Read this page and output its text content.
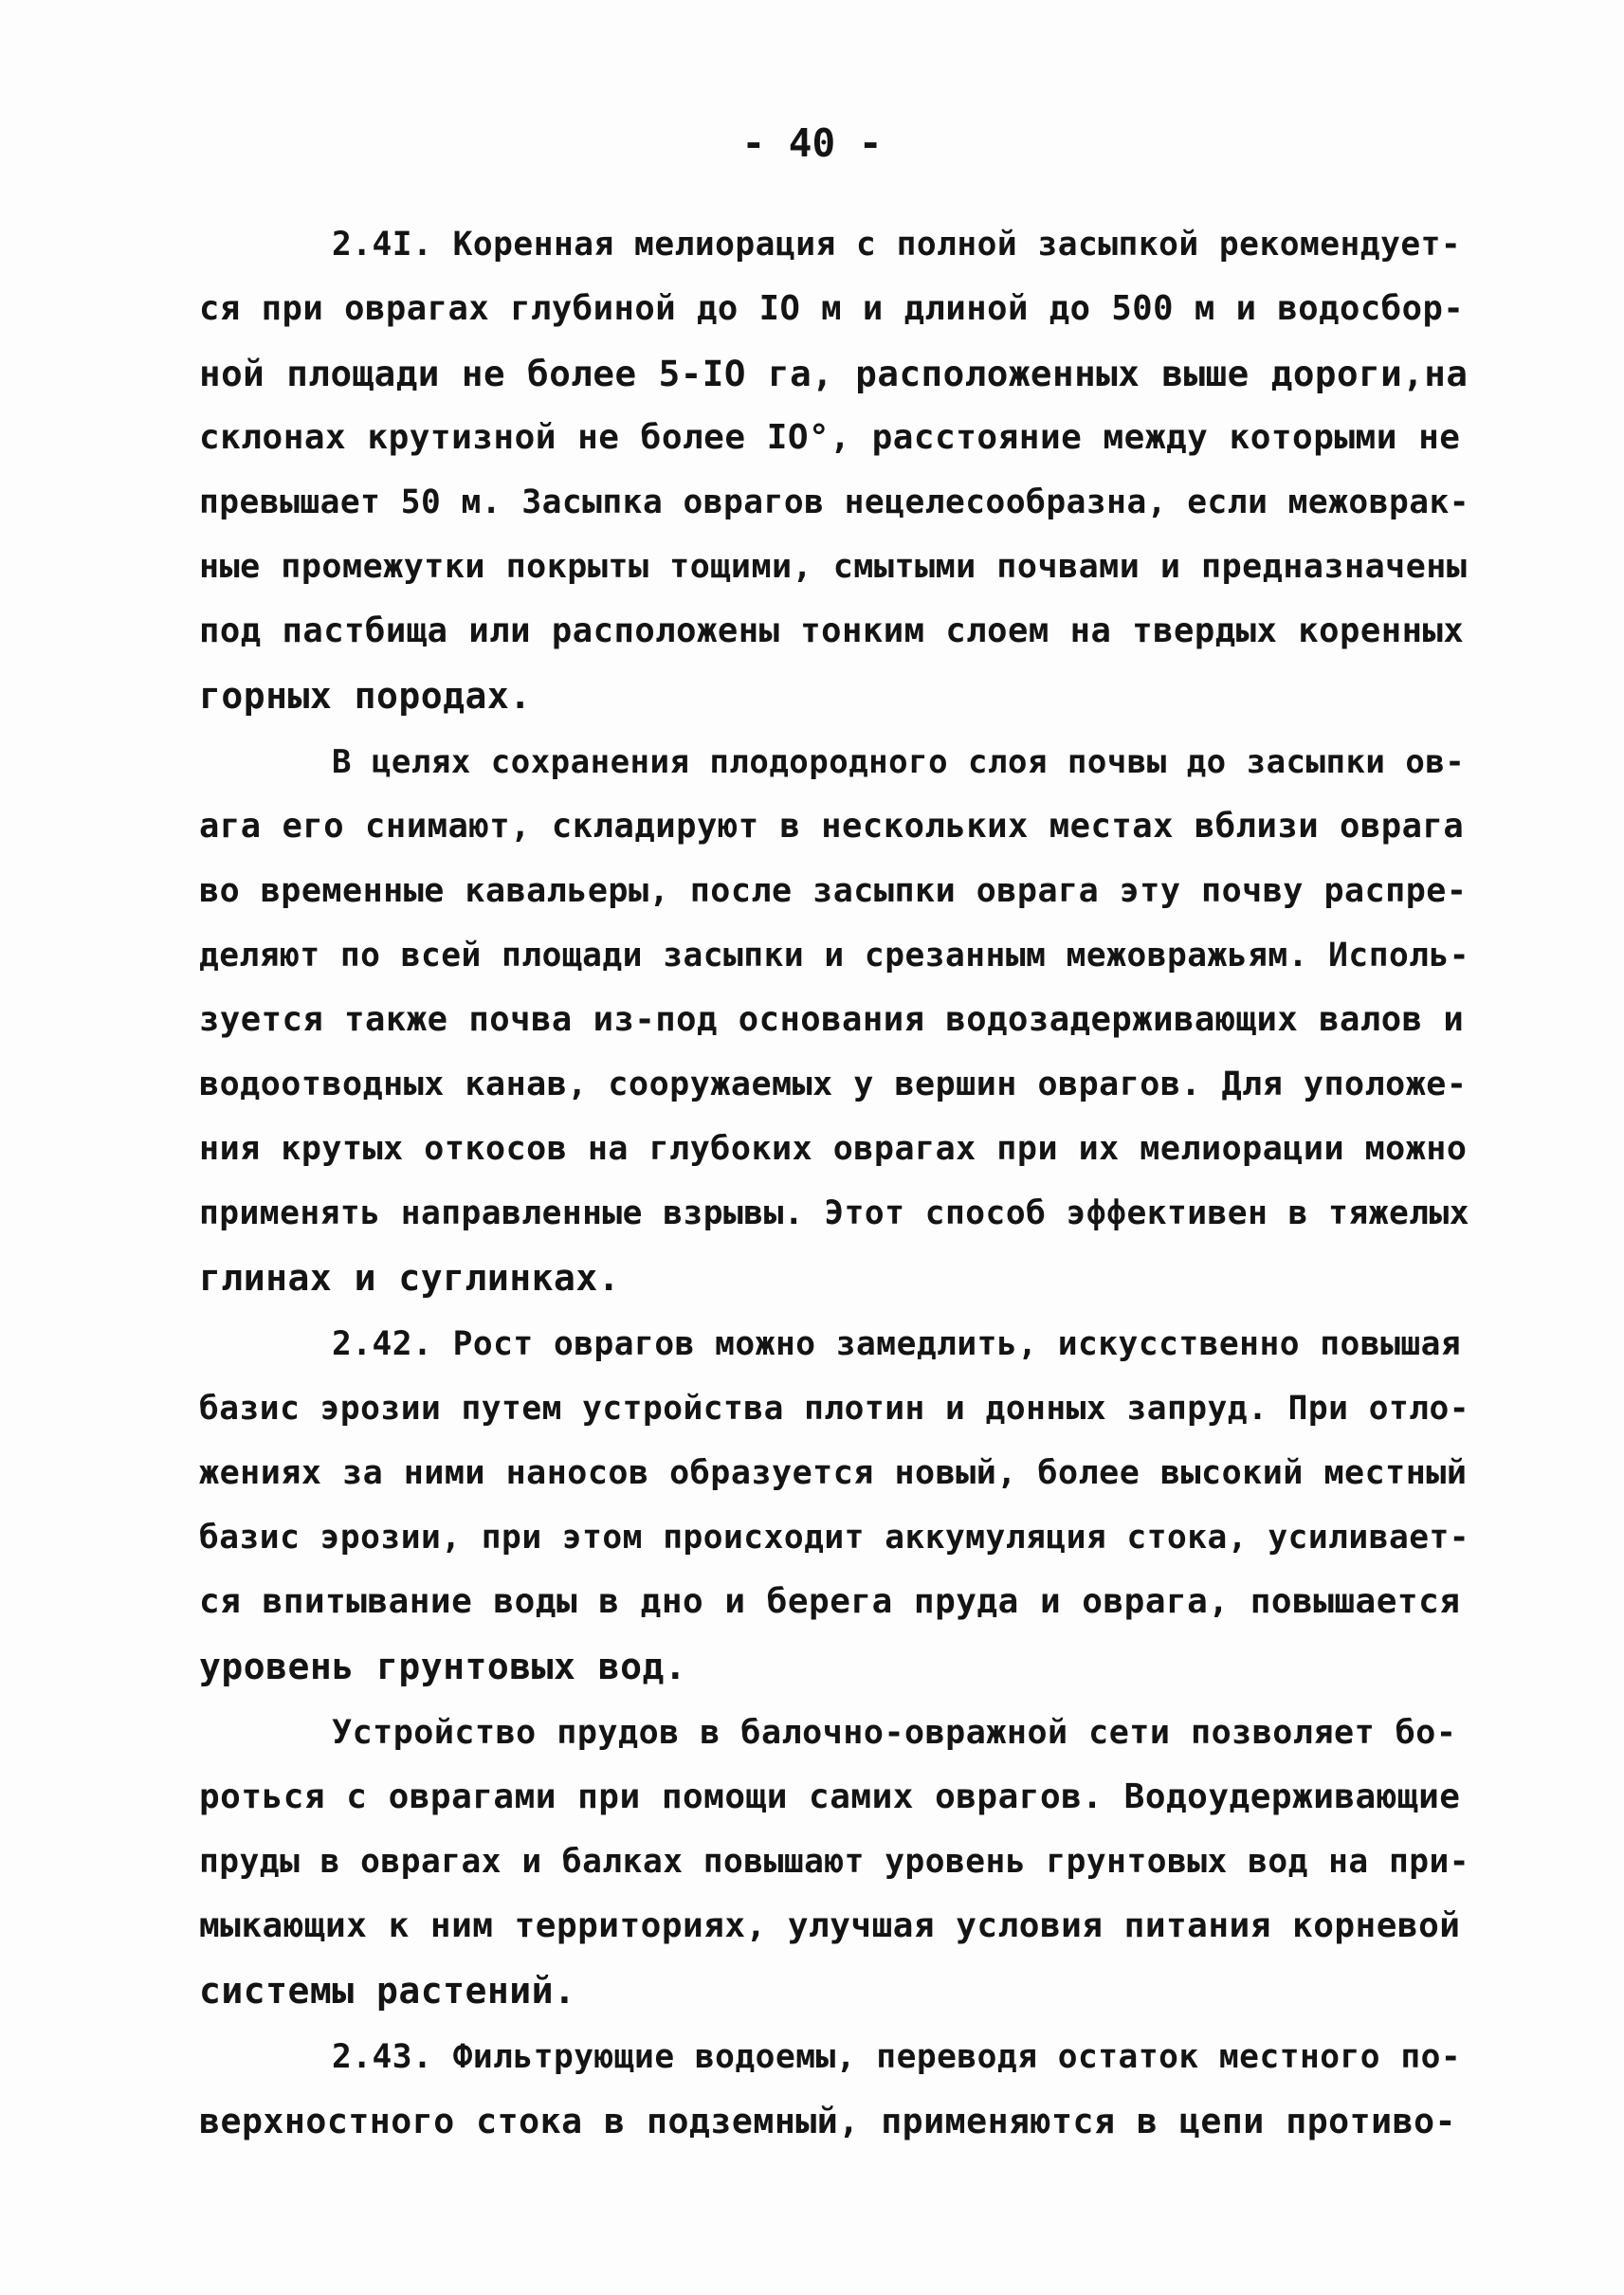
- 40 -
2.4I. Коренная мелиорация с полной засыпкой рекомендует-
ся при оврагах глубиной до IO м и длиной до 500 м и водосбор-
ной площади не более 5-IO га, расположенных выше дороги,на
склонах крутизной не более IO°, расстояние между которыми не
превышает 50 м. Засыпка оврагов нецелесообразна, если межоврак-
ные промежутки покрыты тощими, смытыми почвами и предназначены
под пастбища или расположены тонким слоем на твердых коренных
горных породах.
В целях сохранения плодородного слоя почвы до засыпки ов-
ага его снимают, складируют в нескольких местах вблизи оврага
во временные кавальеры, после засыпки оврага эту почву распре-
деляют по всей площади засыпки и срезанным межовражьям. Исполь-
зуется также почва из-под основания водозадерживающих валов и
водоотводных канав, сооружаемых у вершин оврагов. Для уположе-
ния крутых откосов на глубоких оврагах при их мелиорации можно
применять направленные взрывы. Этот способ эффективен в тяжелых
глинах и суглинках.
2.42. Рост оврагов можно замедлить, искусственно повышая
базис эрозии путем устройства плотин и донных запруд. При отло-
жениях за ними наносов образуется новый, более высокий местный
базис эрозии, при этом происходит аккумуляция стока, усиливает-
ся впитывание воды в дно и берега пруда и оврага, повышается
уровень грунтовых вод.
Устройство прудов в балочно-овражной сети позволяет бо-
роться с оврагами при помощи самих оврагов. Водоудерживающие
пруды в оврагах и балках повышают уровень грунтовых вод на при-
мыкающих к ним территориях, улучшая условия питания корневой
системы растений.
2.43. Фильтрующие водоемы, переводя остаток местного по-
верхностного стока в подземный, применяются в цепи противо-
